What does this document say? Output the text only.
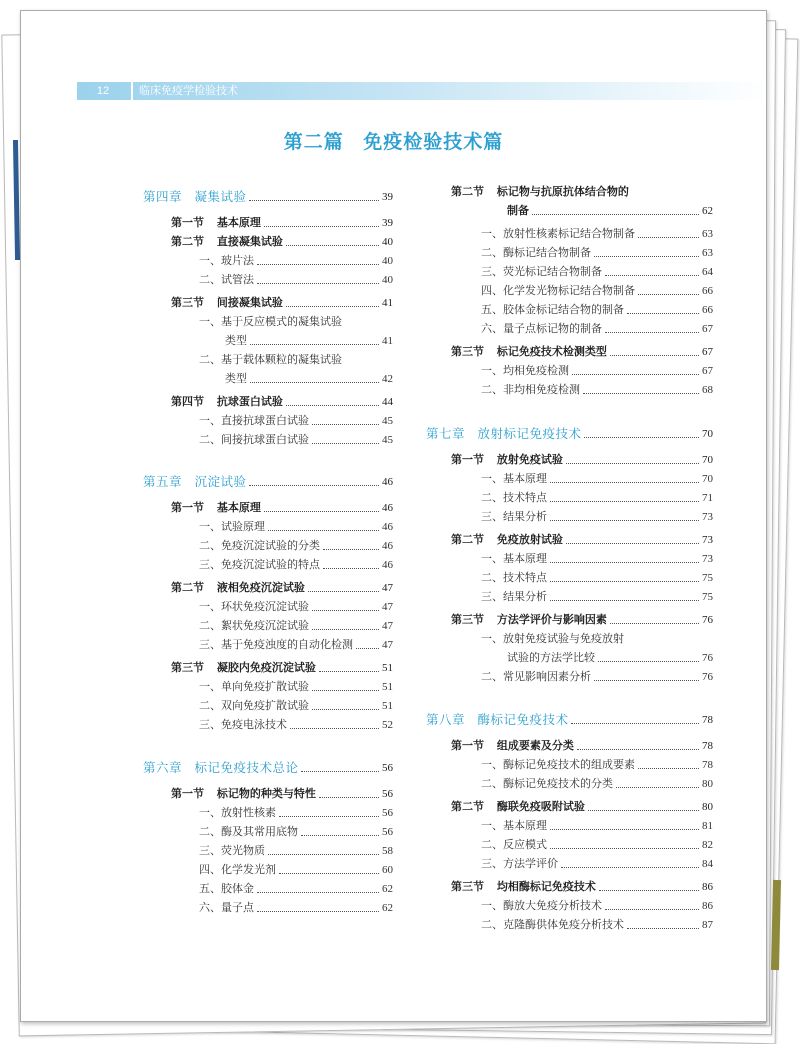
12	临床免疫学检验技术
第二篇 免疫检验技术篇
第四章 凝集试验	39
第一节 基本原理	39
第二节 直接凝集试验	40
一、玻片法	40
二、试管法	40
第三节 间接凝集试验	41
一、基于反应模式的凝集试验
类型	41
二、基于载体颗粒的凝集试验
类型	42
第四节 抗球蛋白试验	44
一、直接抗球蛋白试验	45
二、间接抗球蛋白试验	45
第五章 沉淀试验	46
第一节 基本原理	46
一、试验原理	46
二、免疫沉淀试验的分类	46
三、免疫沉淀试验的特点	46
第二节 液相免疫沉淀试验	47
一、环状免疫沉淀试验	47
二、絮状免疫沉淀试验	47
三、基于免疫浊度的自动化检测	47
第三节 凝胶内免疫沉淀试验	51
一、单向免疫扩散试验	51
二、双向免疫扩散试验	51
三、免疫电泳技术	52
第六章 标记免疫技术总论	56
第一节 标记物的种类与特性	56
一、放射性核素	56
二、酶及其常用底物	56
三、荧光物质	58
四、化学发光剂	60
五、胶体金	62
六、量子点	62
第二节 标记物与抗原抗体结合物的
制备	62
一、放射性核素标记结合物制备	63
二、酶标记结合物制备	63
三、荧光标记结合物制备	64
四、化学发光物标记结合物制备	66
五、胶体金标记结合物的制备	66
六、量子点标记物的制备	67
第三节 标记免疫技术检测类型	67
一、均相免疫检测	67
二、非均相免疫检测	68
第七章 放射标记免疫技术	70
第一节 放射免疫试验	70
一、基本原理	70
二、技术特点	71
三、结果分析	73
第二节 免疫放射试验	73
一、基本原理	73
二、技术特点	75
三、结果分析	75
第三节 方法学评价与影响因素	76
一、放射免疫试验与免疫放射
试验的方法学比较	76
二、常见影响因素分析	76
第八章 酶标记免疫技术	78
第一节 组成要素及分类	78
一、酶标记免疫技术的组成要素	78
二、酶标记免疫技术的分类	80
第二节 酶联免疫吸附试验	80
一、基本原理	81
二、反应模式	82
三、方法学评价	84
第三节 均相酶标记免疫技术	86
一、酶放大免疫分析技术	86
二、克隆酶供体免疫分析技术	87
